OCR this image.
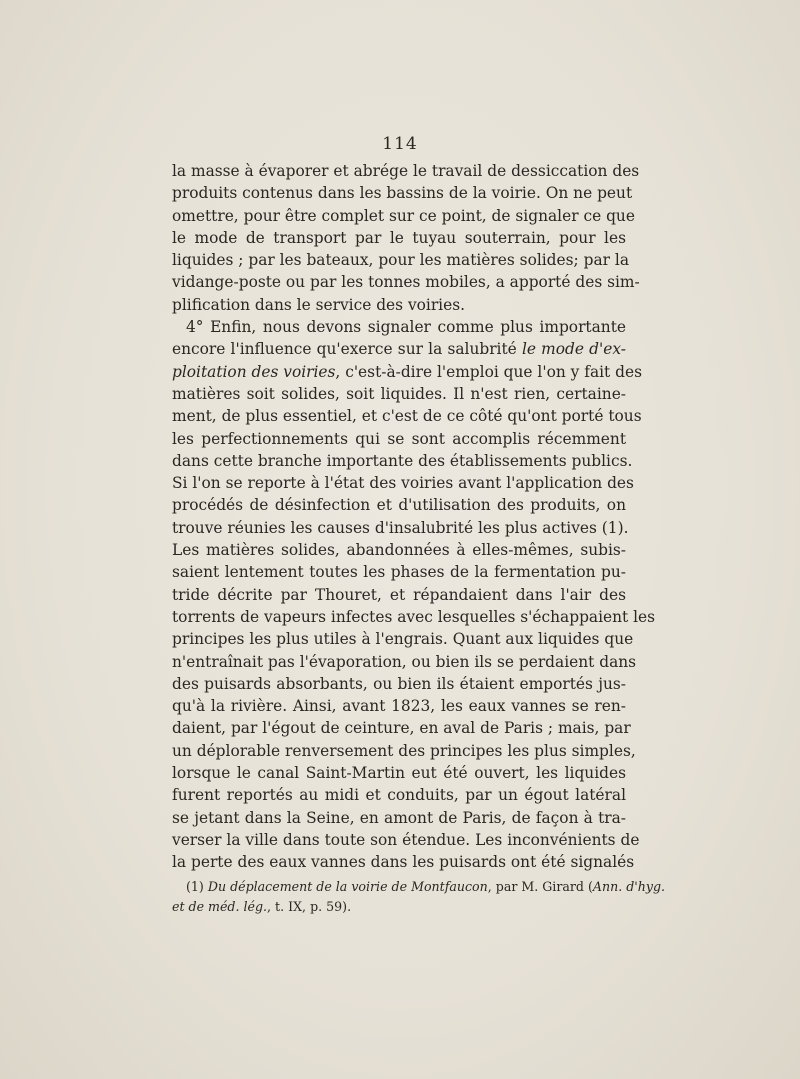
114
la masse à évaporer et abrége le travail de dessiccation des
produits contenus dans les bassins de la voirie. On ne peut
omettre, pour être complet sur ce point, de signaler ce que
le mode de transport par le tuyau souterrain, pour les
liquides ; par les bateaux, pour les matières solides; par la
vidange-poste ou par les tonnes mobiles, a apporté des sim-
plification dans le service des voiries.
4° Enfin, nous devons signaler comme plus importante
encore l'influence qu'exerce sur la salubrité le mode d'ex-
ploitation des voiries, c'est-à-dire l'emploi que l'on y fait des
matières soit solides, soit liquides. Il n'est rien, certaine-
ment, de plus essentiel, et c'est de ce côté qu'ont porté tous
les perfectionnements qui se sont accomplis récemment
dans cette branche importante des établissements publics.
Si l'on se reporte à l'état des voiries avant l'application des
procédés de désinfection et d'utilisation des produits, on
trouve réunies les causes d'insalubrité les plus actives (1).
Les matières solides, abandonnées à elles-mêmes, subis-
saient lentement toutes les phases de la fermentation pu-
tride décrite par Thouret, et répandaient dans l'air des
torrents de vapeurs infectes avec lesquelles s'échappaient les
principes les plus utiles à l'engrais. Quant aux liquides que
n'entraînait pas l'évaporation, ou bien ils se perdaient dans
des puisards absorbants, ou bien ils étaient emportés jus-
qu'à la rivière. Ainsi, avant 1823, les eaux vannes se ren-
daient, par l'égout de ceinture, en aval de Paris ; mais, par
un déplorable renversement des principes les plus simples,
lorsque le canal Saint-Martin eut été ouvert, les liquides
furent reportés au midi et conduits, par un égout latéral
se jetant dans la Seine, en amont de Paris, de façon à tra-
verser la ville dans toute son étendue. Les inconvénients de
la perte des eaux vannes dans les puisards ont été signalés
(1) Du déplacement de la voirie de Montfaucon, par M. Girard (Ann. d'hyg.
et de méd. lég., t. IX, p. 59).
